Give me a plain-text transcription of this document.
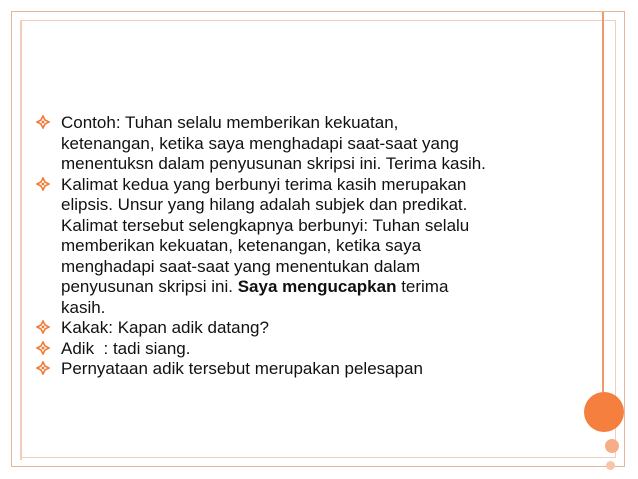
Contoh: Tuhan selalu memberikan kekuatan,
ketenangan, ketika saya menghadapi saat-saat yang
menentuksn dalam penyusunan skripsi ini. Terima kasih.
Kalimat kedua yang berbunyi terima kasih merupakan
elipsis. Unsur yang hilang adalah subjek dan predikat.
Kalimat tersebut selengkapnya berbunyi: Tuhan selalu
memberikan kekuatan, ketenangan, ketika saya
menghadapi saat-saat yang menentukan dalam
penyusunan skripsi ini. Saya mengucapkan terima
kasih.
Kakak: Kapan adik datang?
Adik  : tadi siang.
Pernyataan adik tersebut merupakan pelesapan
